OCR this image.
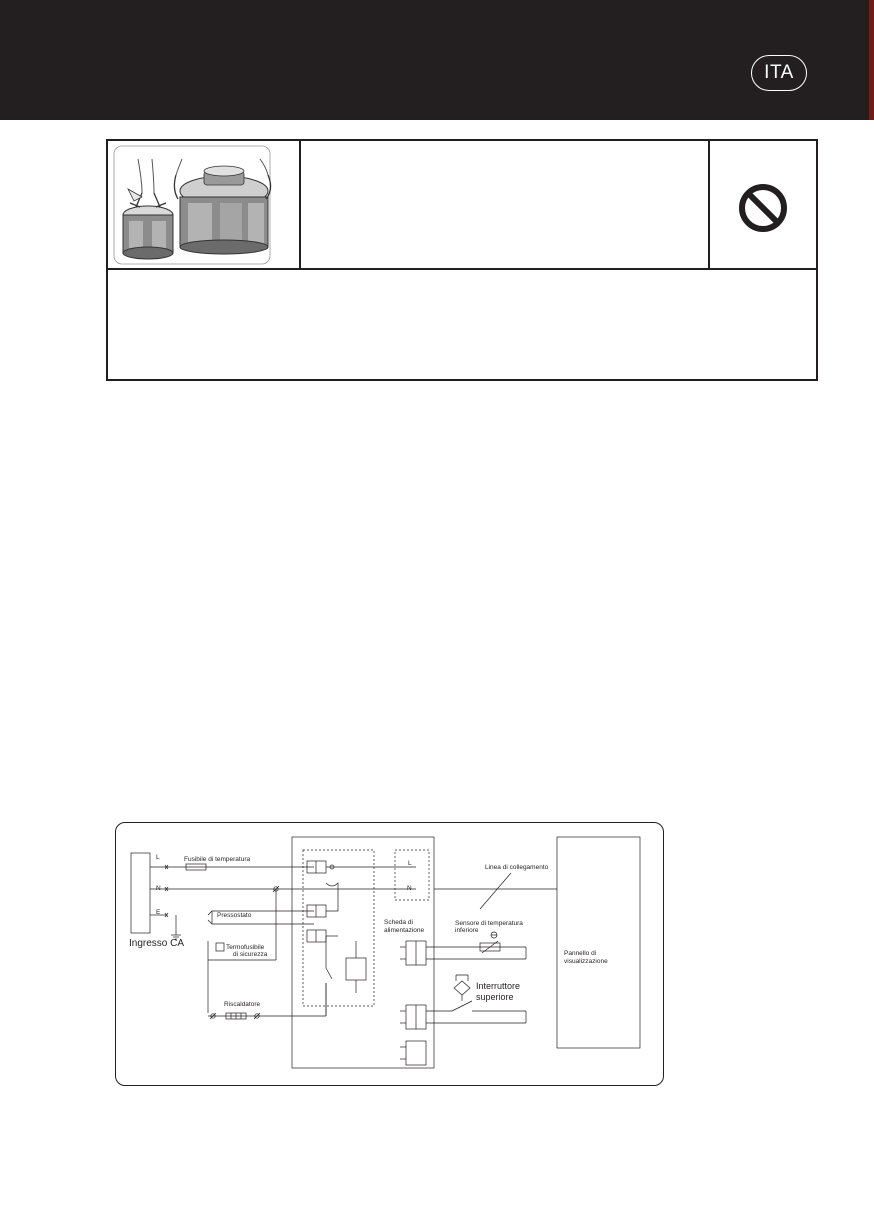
ITA
L
N
E
Ingresso CA
Fusibile di temperatura
Pressostato
Termofusibile
di sicurezza
Riscaldatore
L
N
Scheda di
alimentazione
Linea di collegamento
Sensore di temperatura
inferiore
Interruttore
superiore
Pannello di
visualizzazione
